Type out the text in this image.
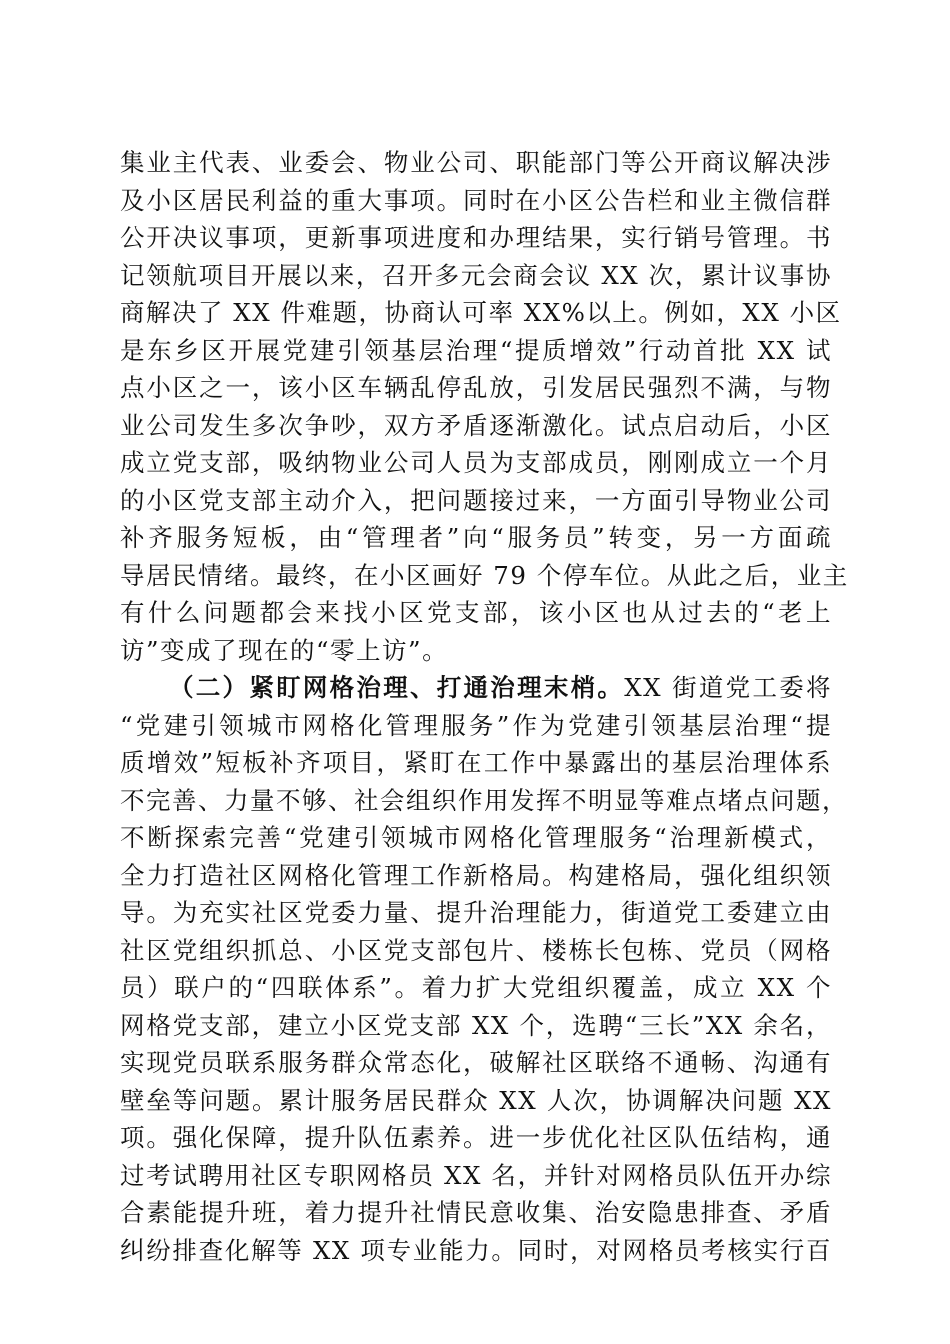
集业主代表、业委会、物业公司、职能部门等公开商议解决涉
及小区居民利益的重大事项。同时在小区公告栏和业主微信群
公开决议事项，更新事项进度和办理结果，实行销号管理。书
记领航项目开展以来，召开多元会商会议 XX 次，累计议事协
商解决了 XX 件难题，协商认可率 XX%以上。例如，XX 小区
是东乡区开展党建引领基层治理“提质增效”行动首批 XX 试
点小区之一，该小区车辆乱停乱放，引发居民强烈不满，与物
业公司发生多次争吵，双方矛盾逐渐激化。试点启动后，小区
成立党支部，吸纳物业公司人员为支部成员，刚刚成立一个月
的小区党支部主动介入，把问题接过来，一方面引导物业公司
补齐服务短板，由“管理者”向“服务员”转变，另一方面疏
导居民情绪。最终，在小区画好 79 个停车位。从此之后，业主
有什么问题都会来找小区党支部，该小区也从过去的“老上
访”变成了现在的“零上访”。
（二）紧盯网格治理、打通治理末梢。XX 街道党工委将
“党建引领城市网格化管理服务”作为党建引领基层治理“提
质增效”短板补齐项目，紧盯在工作中暴露出的基层治理体系
不完善、力量不够、社会组织作用发挥不明显等难点堵点问题，
不断探索完善“党建引领城市网格化管理服务“治理新模式，
全力打造社区网格化管理工作新格局。构建格局，强化组织领
导。为充实社区党委力量、提升治理能力，街道党工委建立由
社区党组织抓总、小区党支部包片、楼栋长包栋、党员（网格
员）联户的“四联体系”。着力扩大党组织覆盖，成立 XX 个
网格党支部，建立小区党支部 XX 个，选聘“三长”XX 余名，
实现党员联系服务群众常态化，破解社区联络不通畅、沟通有
壁垒等问题。累计服务居民群众 XX 人次，协调解决问题 XX
项。强化保障，提升队伍素养。进一步优化社区队伍结构，通
过考试聘用社区专职网格员 XX 名，并针对网格员队伍开办综
合素能提升班，着力提升社情民意收集、治安隐患排查、矛盾
纠纷排查化解等 XX 项专业能力。同时，对网格员考核实行百
